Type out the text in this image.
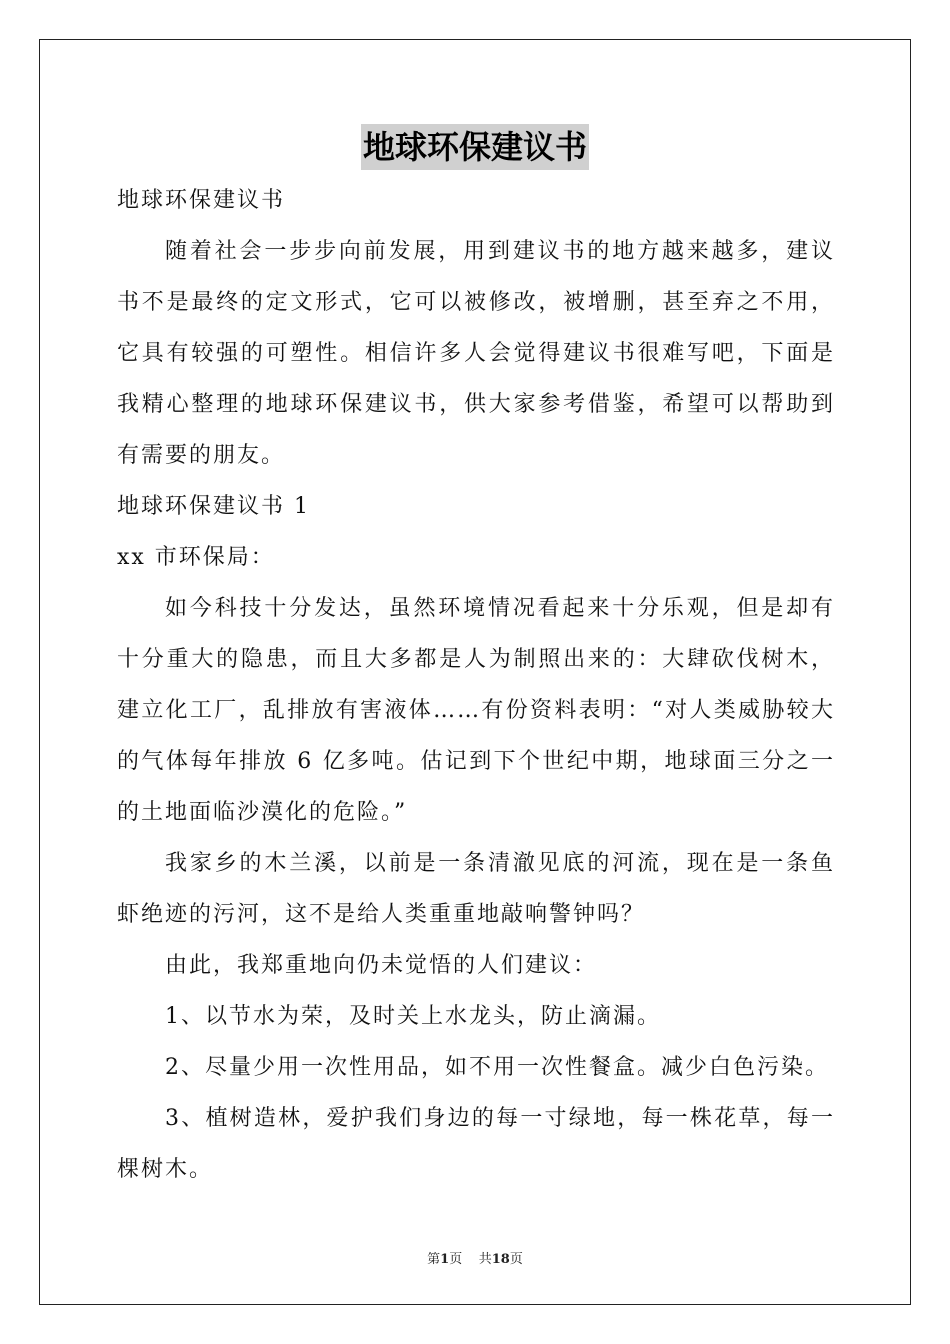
地球环保建议书

地球环保建议书

随着社会一步步向前发展，用到建议书的地方越来越多，建议书不是最终的定文形式，它可以被修改，被增删，甚至弃之不用，它具有较强的可塑性。相信许多人会觉得建议书很难写吧，下面是我精心整理的地球环保建议书，供大家参考借鉴，希望可以帮助到有需要的朋友。

地球环保建议书 1

xx 市环保局：

如今科技十分发达，虽然环境情况看起来十分乐观，但是却有十分重大的隐患，而且大多都是人为制照出来的：大肆砍伐树木，建立化工厂，乱排放有害液体……有份资料表明：“对人类威胁较大的气体每年排放 6 亿多吨。估记到下个世纪中期，地球面三分之一的土地面临沙漠化的危险。”

我家乡的木兰溪，以前是一条清澈见底的河流，现在是一条鱼虾绝迹的污河，这不是给人类重重地敲响警钟吗？

由此，我郑重地向仍未觉悟的人们建议：

1、以节水为荣，及时关上水龙头，防止滴漏。

2、尽量少用一次性用品，如不用一次性餐盒。减少白色污染。

3、植树造林，爱护我们身边的每一寸绿地，每一株花草，每一棵树木。

第1页 共18页
